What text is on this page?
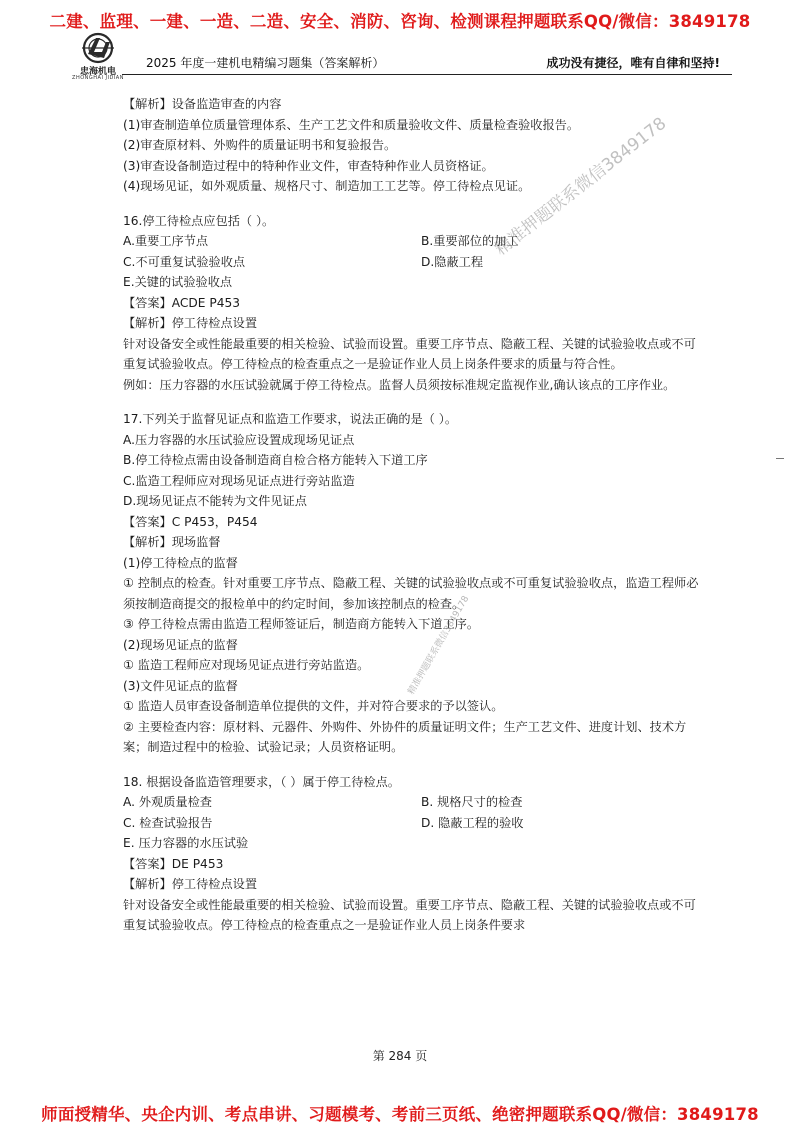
二建、监理、一建、一造、二造、安全、消防、咨询、检测课程押题联系QQ/微信：3849178
忠海机电
ZHONGHAI JIDIAN
2025 年度一建机电精编习题集（答案解析）	成功没有捷径，唯有自律和坚持!

【解析】设备监造审查的内容

(1)审查制造单位质量管理体系、生产工艺文件和质量验收文件、质量检查验收报告。

(2)审查原材料、外购件的质量证明书和复验报告。

(3)审查设备制造过程中的特种作业文件，审查特种作业人员资格证。

(4)现场见证，如外观质量、规格尺寸、制造加工工艺等。停工待检点见证。

16.停工待检点应包括（ ）。

A.重要工序节点	B.重要部位的加工
C.不可重复试验验收点	D.隐蔽工程

E.关键的试验验收点

【答案】ACDE P453

【解析】停工待检点设置

针对设备安全或性能最重要的相关检验、试验而设置。重要工序节点、隐蔽工程、关键的试验验收点或不可重复试验验收点。停工待检点的检查重点之一是验证作业人员上岗条件要求的质量与符合性。

例如：压力容器的水压试验就属于停工待检点。监督人员须按标准规定监视作业,确认该点的工序作业。

17.下列关于监督见证点和监造工作要求，说法正确的是（ ）。

A.压力容器的水压试验应设置成现场见证点

B.停工待检点需由设备制造商自检合格方能转入下道工序

C.监造工程师应对现场见证点进行旁站监造

D.现场见证点不能转为文件见证点

【答案】C P453，P454

【解析】现场监督

(1)停工待检点的监督

① 控制点的检查。针对重要工序节点、隐蔽工程、关键的试验验收点或不可重复试验验收点，监造工程师必须按制造商提交的报检单中的约定时间，参加该控制点的检查。

③ 停工待检点需由监造工程师签证后，制造商方能转入下道工序。

(2)现场见证点的监督

① 监造工程师应对现场见证点进行旁站监造。

(3)文件见证点的监督

① 监造人员审查设备制造单位提供的文件，并对符合要求的予以签认。

② 主要检查内容：原材料、元器件、外购件、外协件的质量证明文件；生产工艺文件、进度计划、技术方案；制造过程中的检验、试验记录；人员资格证明。

18. 根据设备监造管理要求，（ ）属于停工待检点。

A. 外观质量检查	B. 规格尺寸的检查
C. 检查试验报告	D. 隐蔽工程的验收

E. 压力容器的水压试验

【答案】DE P453

【解析】停工待检点设置

针对设备安全或性能最重要的相关检验、试验而设置。重要工序节点、隐蔽工程、关键的试验验收点或不可重复试验验收点。停工待检点的检查重点之一是验证作业人员上岗条件要求

精准押题联系微信3849178
精准押题联系微信3849178
第 284 页
师面授精华、央企内训、考点串讲、习题模考、考前三页纸、绝密押题联系QQ/微信：3849178
